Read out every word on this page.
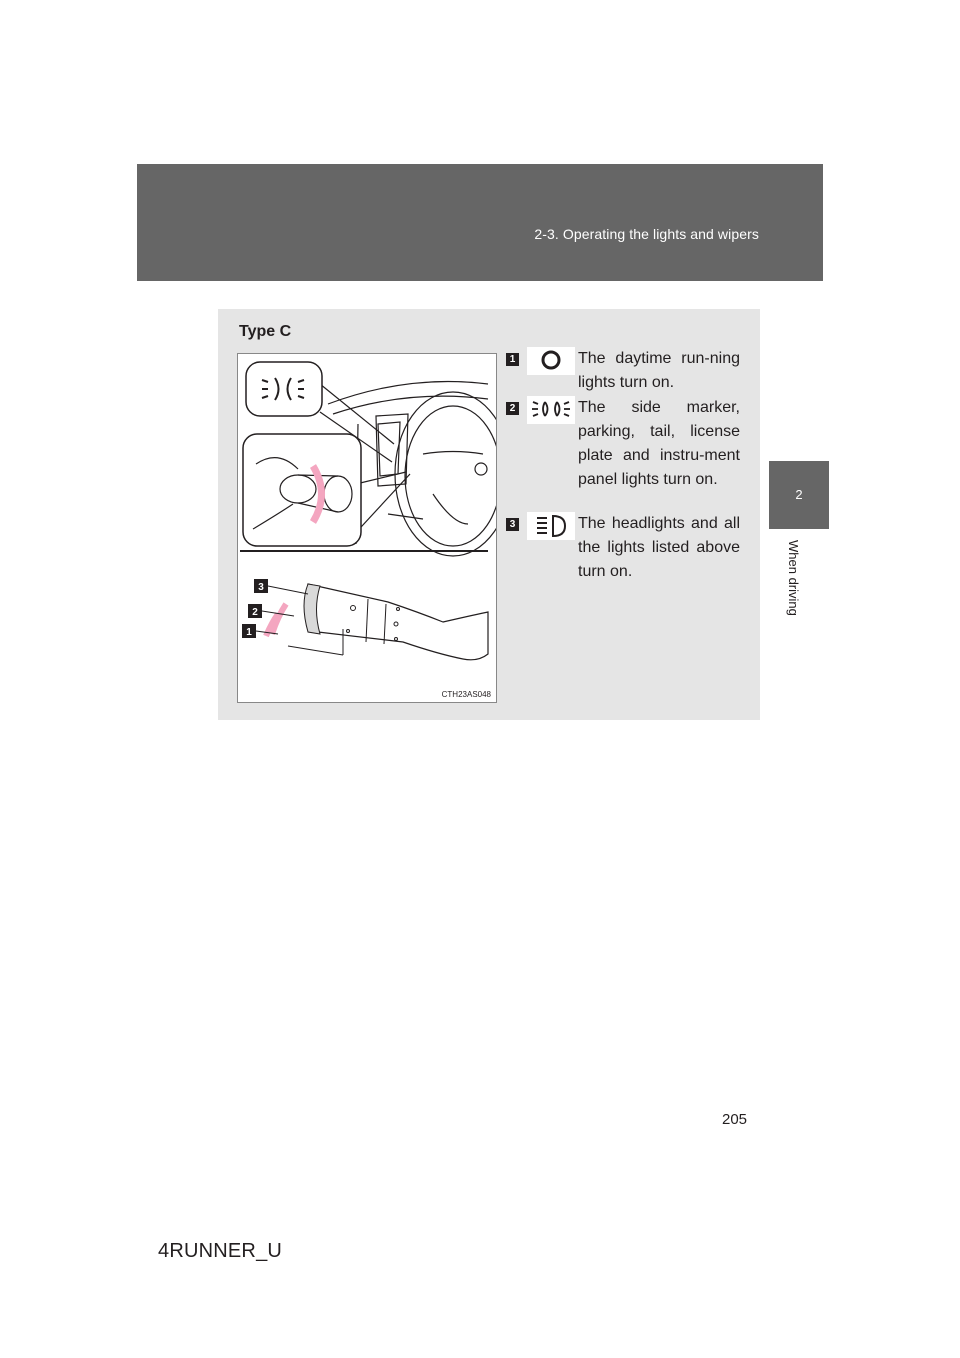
2-3. Operating the lights and wipers
2
When driving
Type C
3
2
1
CTH23AS048
1	The daytime run-ning lights turn on.
2	The side marker, parking, tail, license plate and instru-ment panel lights turn on.
3	The headlights and all the lights listed above turn on.
205
4RUNNER_U
